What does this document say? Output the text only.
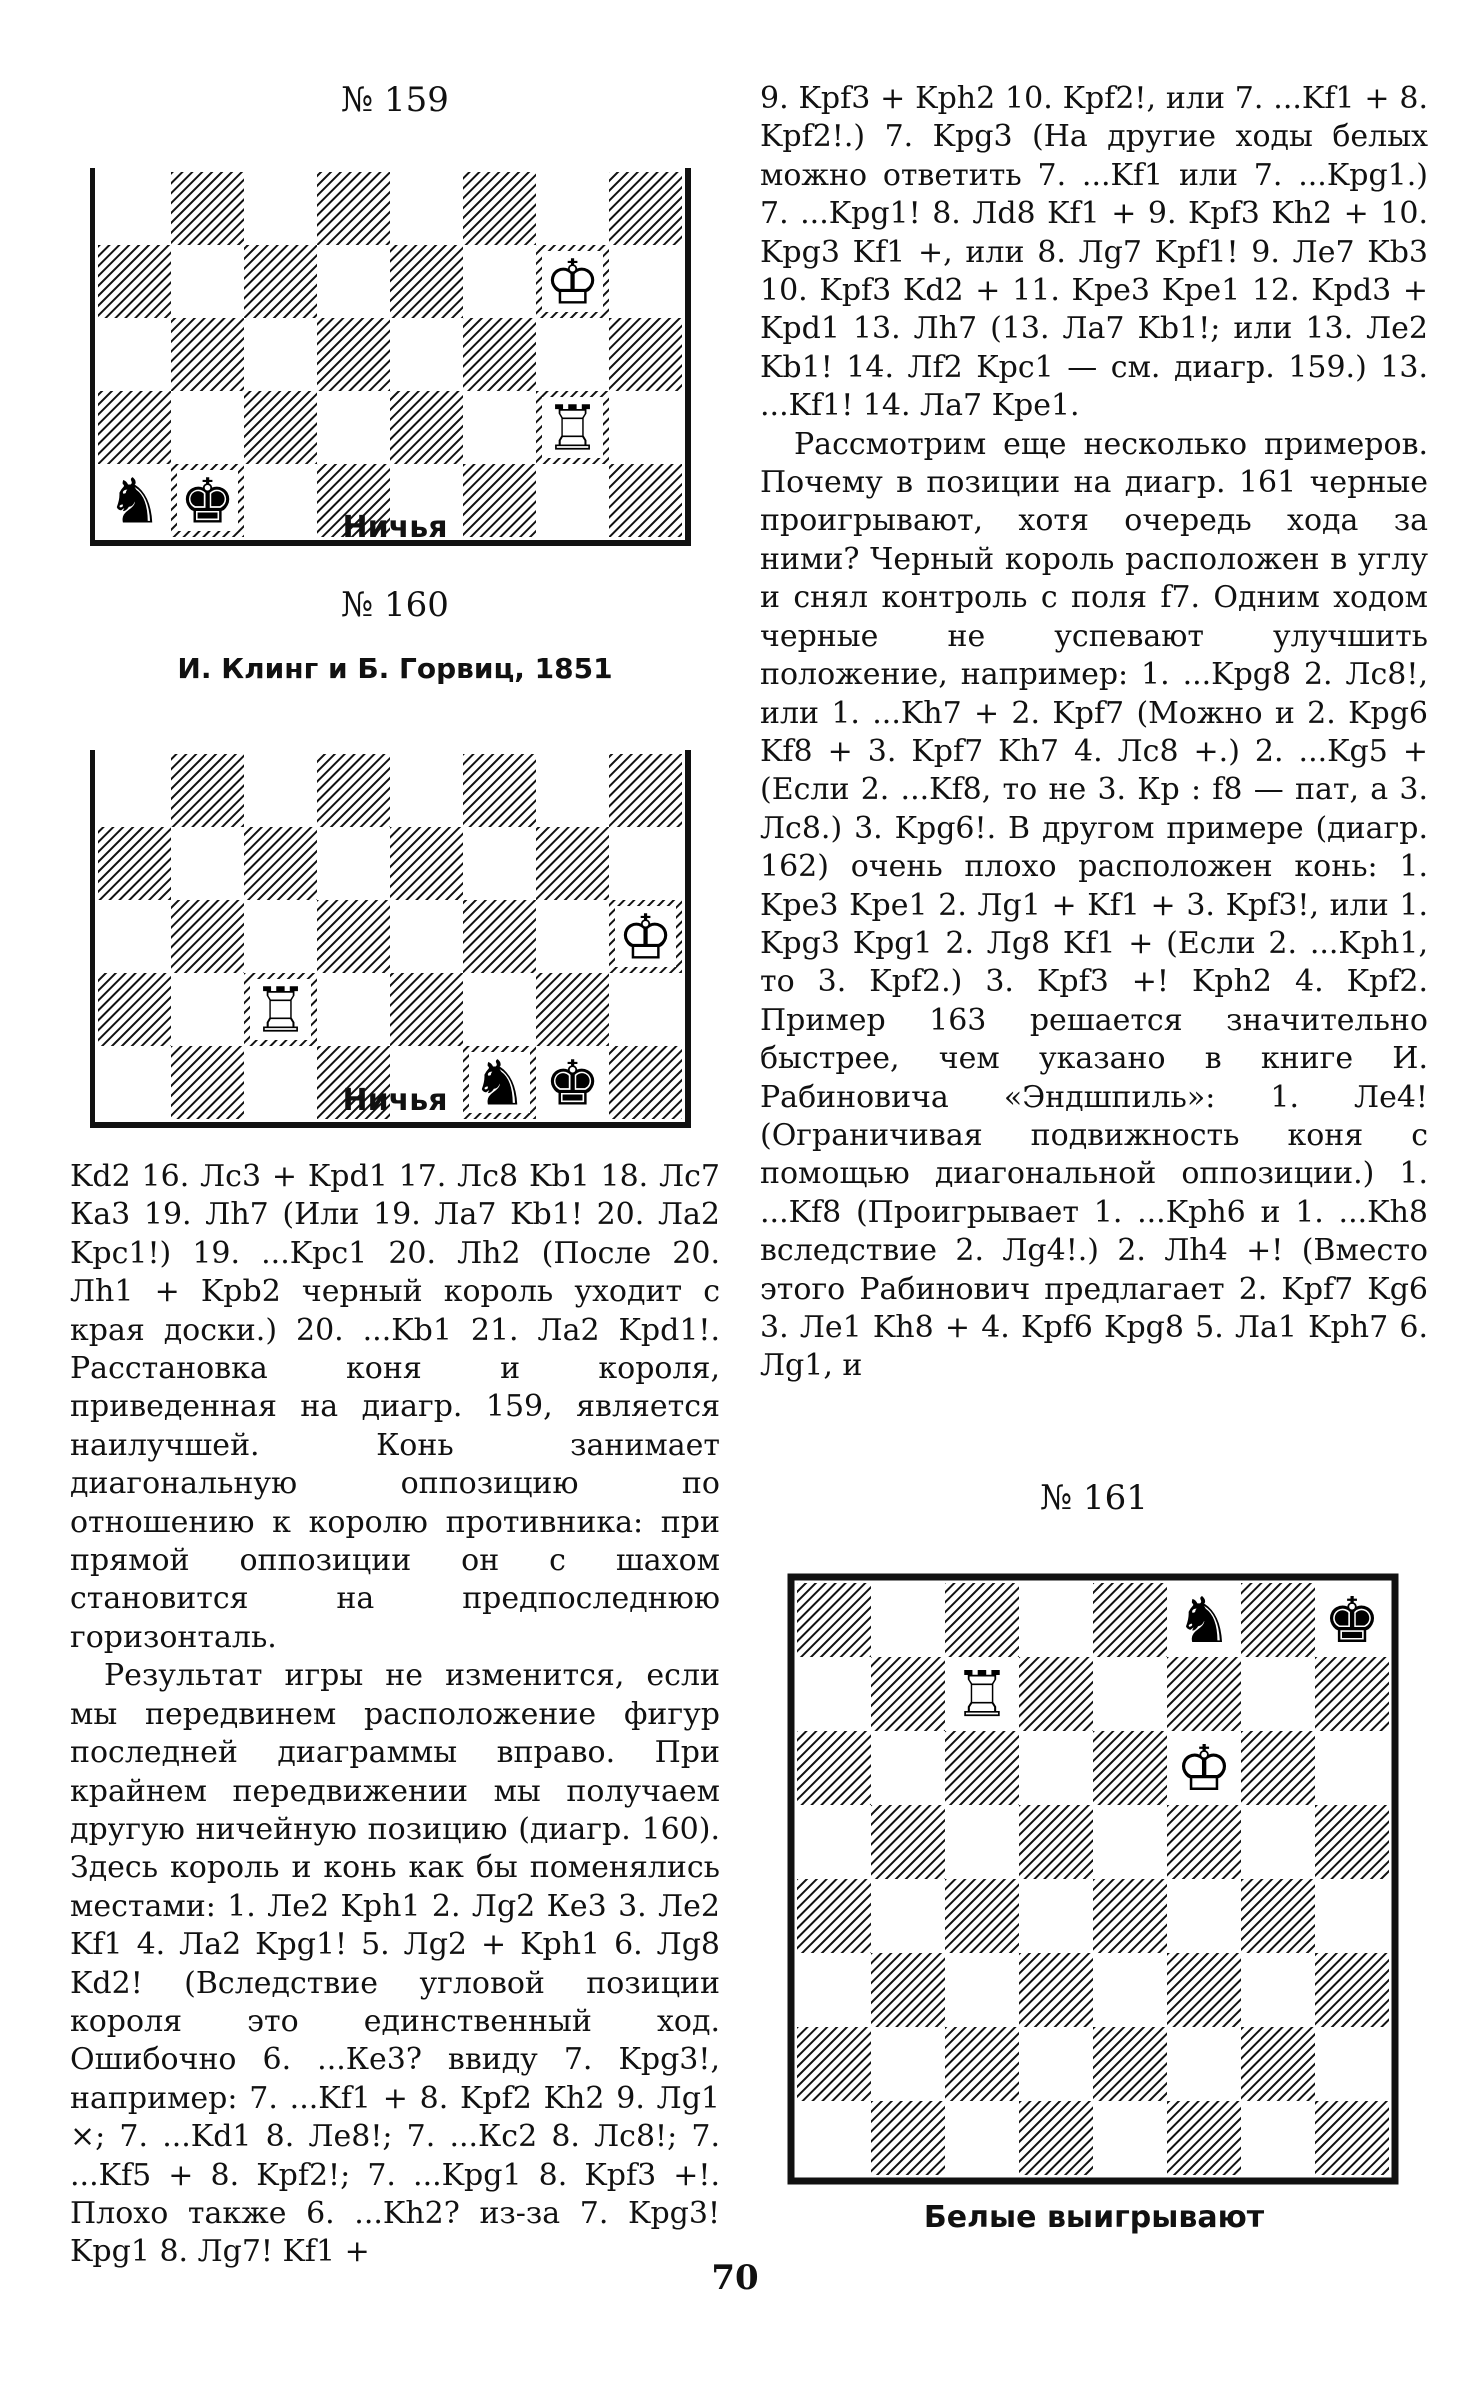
№ 159
♔
♖
♞ ♚	Ничья
№ 160
И. Клинг и Б. Горвиц, 1851
♔
♖
♞ ♚
Ничья

Kd2 16. Лс3 + Kpd1 17. Лс8 Kb1 18. Лс7 Ка3 19. Лh7 (Или 19. Ла7 Kb1! 20. Ла2 Kpc1!) 19. ...Kpc1 20. Лh2 (После 20. Лh1 + Kpb2 черный король уходит с края доски.) 20. ...Kb1 21. Ла2 Kpd1!. Расстановка коня и короля, приведенная на диагр. 159, является наилучшей. Конь занимает диагональную оппозицию по отношению к королю противника: при прямой оппозиции он с шахом становится на предпоследнюю горизонталь.

Результат игры не изменится, если мы передвинем расположение фигур последней диаграммы вправо. При крайнем передвижении мы получаем другую ничейную позицию (диагр. 160). Здесь король и конь как бы поменялись местами: 1. Ле2 Kph1 2. Лg2 Ке3 3. Ле2 Kf1 4. Ла2 Kpg1! 5. Лg2 + Kph1 6. Лg8 Kd2! (Вследствие угловой позиции короля это единственный ход. Ошибочно 6. ...Ке3? ввиду 7. Kpg3!, например: 7. ...Kf1 + 8. Kpf2 Kh2 9. Лg1 ×; 7. ...Kd1 8. Ле8!; 7. ...Кс2 8. Лс8!; 7. ...Kf5 + 8. Kpf2!; 7. ...Kpg1 8. Kpf3 +!. Плохо также 6. ...Kh2? из-за 7. Kpg3! Kpg1 8. Лg7! Kf1 +

9. Kpf3 + Kph2 10. Kpf2!, или 7. ...Kf1 + 8. Kpf2!.) 7. Kpg3 (На другие ходы белых можно ответить 7. ...Kf1 или 7. ...Kpg1.) 7. ...Kpg1! 8. Лd8 Kf1 + 9. Kpf3 Kh2 + 10. Kpg3 Kf1 +, или 8. Лg7 Kpf1! 9. Ле7 Kb3 10. Kpf3 Kd2 + 11. Kpe3 Kpe1 12. Kpd3 + Kpd1 13. Лh7 (13. Ла7 Kb1!; или 13. Ле2 Kb1! 14. Лf2 Kpc1 — см. диагр. 159.) 13. ...Kf1! 14. Ла7 Kpe1.

Рассмотрим еще несколько примеров. Почему в позиции на диагр. 161 черные проигрывают, хотя очередь хода за ними? Черный король расположен в углу и снял контроль с поля f7. Одним ходом черные не успевают улучшить положение, например: 1. ...Kpg8 2. Лс8!, или 1. ...Kh7 + 2. Kpf7 (Можно и 2. Kpg6 Kf8 + 3. Kpf7 Kh7 4. Лс8 +.) 2. ...Kg5 + (Если 2. ...Kf8, то не 3. Кр : f8 — пат, а 3. Лс8.) 3. Kpg6!. В другом примере (диагр. 162) очень плохо расположен конь: 1. Kpe3 Kpe1 2. Лg1 + Kf1 + 3. Kpf3!, или 1. Kpg3 Kpg1 2. Лg8 Kf1 + (Если 2. ...Kph1, то 3. Kpf2.) 3. Kpf3 +! Kph2 4. Kpf2. Пример 163 решается значительно быстрее, чем указано в книге И. Рабиновича «Эндшпиль»: 1. Ле4! (Ограничивая подвижность коня с помощью диагональной оппозиции.) 1. ...Kf8 (Проигрывает 1. ...Kph6 и 1. ...Kh8 вследствие 2. Лg4!.) 2. Лh4 +! (Вместо этого Рабинович предлагает 2. Kpf7 Kg6 3. Ле1 Kh8 + 4. Kpf6 Kpg8 5. Ла1 Kph7 6. Лg1, и

№ 161
♞ ♚
♖
♔
Белые выигрывают
70
